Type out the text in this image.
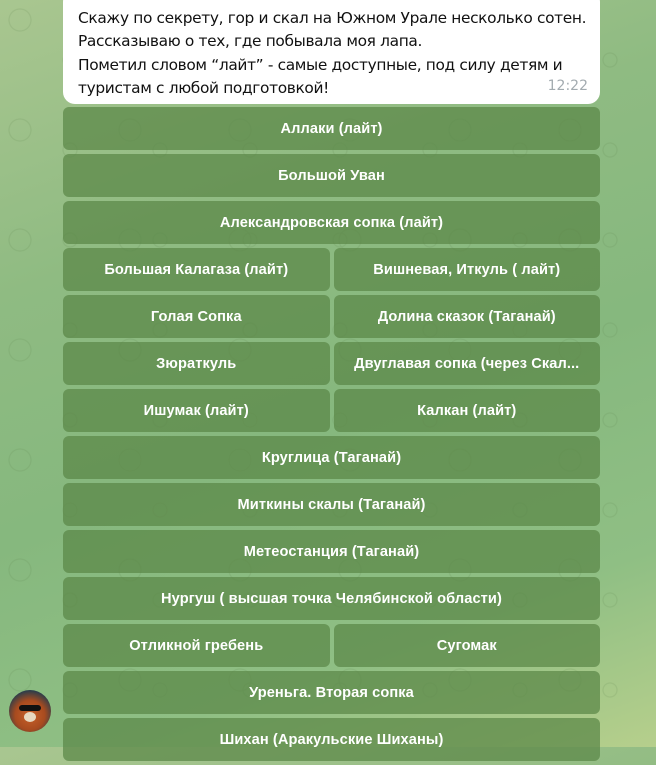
Скажу по секрету, гор и скал на Южном Урале несколько сотен.
Рассказываю о тех, где побывала моя лапа.
Пометил словом “лайт” - самые доступные, под силу детям и
туристам с любой подготовкой!	12:22
Аллаки (лайт)
Большой Уван
Александровская сопка (лайт)
Большая Калагаза (лайт)	Вишневая, Иткуль ( лайт)
Голая Сопка	Долина сказок (Таганай)
Зюраткуль	Двуглавая сопка (через Скал...
Ишумак (лайт)	Калкан (лайт)
Круглица (Таганай)
Миткины скалы (Таганай)
Метеостанция (Таганай)
Нургуш ( высшая точка Челябинской области)
Отликной гребень	Сугомак
Уреньга. Вторая сопка
Шихан (Аракульские Шиханы)
